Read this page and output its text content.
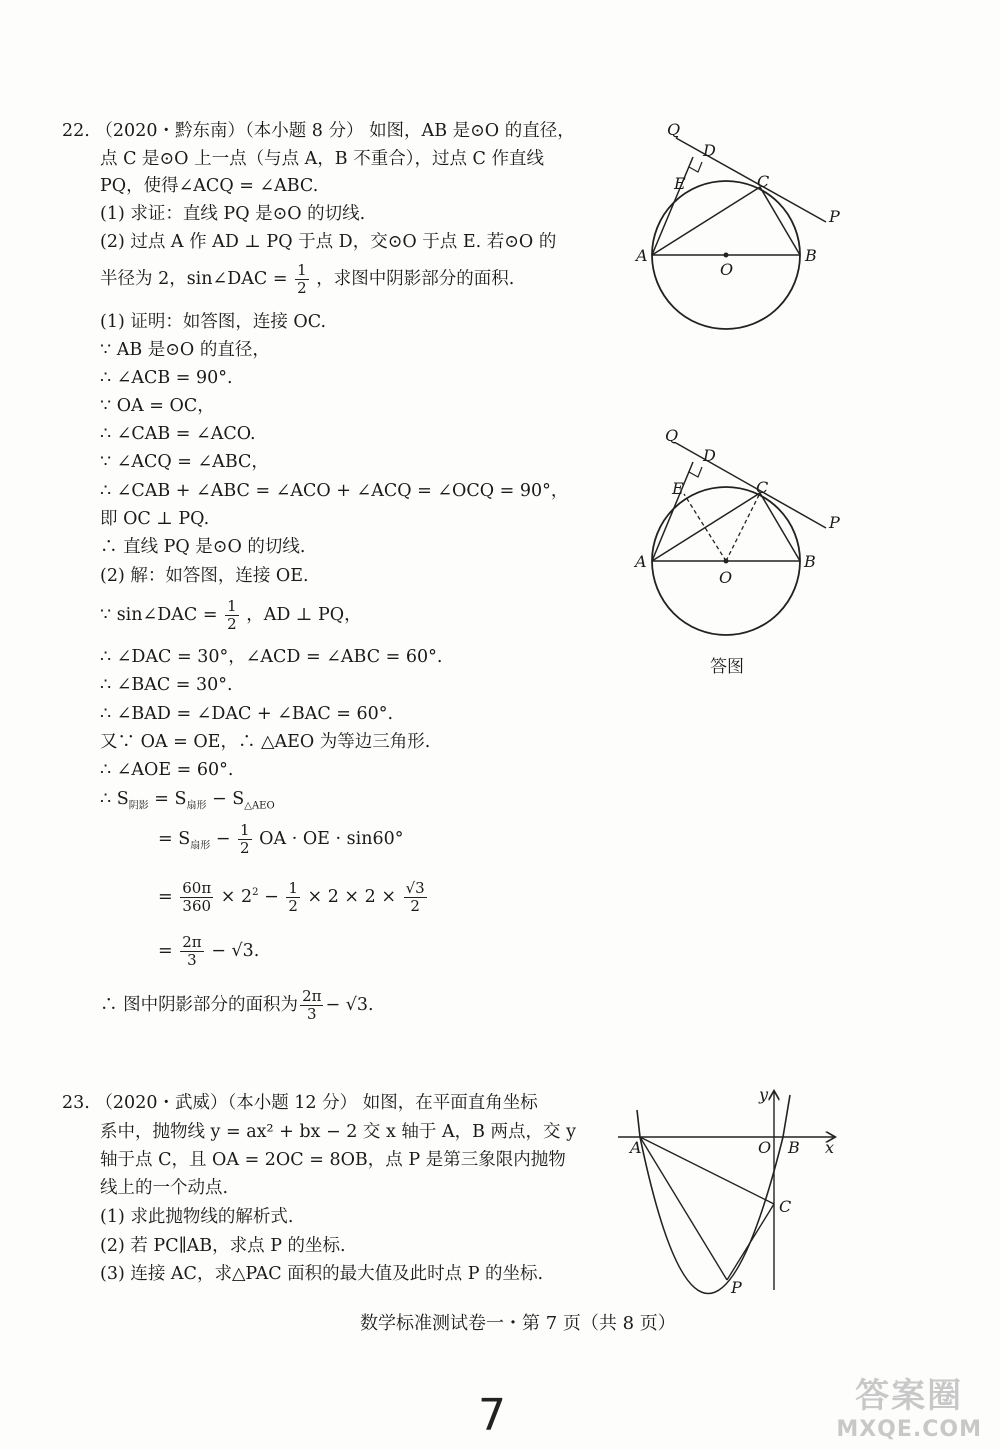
22. （2020・黔东南）（本小题 8 分） 如图，AB 是⊙O 的直径，
点 C 是⊙O 上一点（与点 A，B 不重合），过点 C 作直线
PQ，使得∠ACQ = ∠ABC.
(1) 求证：直线 PQ 是⊙O 的切线.
(2) 过点 A 作 AD ⊥ PQ 于点 D，交⊙O 于点 E. 若⊙O 的
半径为 2，sin∠DAC = $\frac{1}{2}$ ，求图中阴影部分的面积.
(1) 证明：如答图，连接 OC.
∵ AB 是⊙O 的直径，
∴ ∠ACB = 90°.
∵ OA = OC，
∴ ∠CAB = ∠ACO.
∵ ∠ACQ = ∠ABC，
∴ ∠CAB + ∠ABC = ∠ACO + ∠ACQ = ∠OCQ = 90°，
即 OC ⊥ PQ.
∴ 直线 PQ 是⊙O 的切线.
(2) 解：如答图，连接 OE.
∵ sin∠DAC = $\frac{1}{2}$ ，AD ⊥ PQ，
∴ ∠DAC = 30°，∠ACD = ∠ABC = 60°.
∴ ∠BAC = 30°.
∴ ∠BAD = ∠DAC + ∠BAC = 60°.
又∵ OA = OE，∴ △AEO 为等边三角形.
∴ ∠AOE = 60°.
∴ $S_{阴影} = S_{扇形} - S_{\triangle AEO}$
= $S_{扇形} - \frac{1}{2}$ OA · OE · sin60°
= $\frac{60\pi}{360} \times 2^2 - \frac{1}{2} \times 2 \times 2 \times \frac{√3}{2}$
= $\frac{2\pi}{3} - √3$.
∴ 图中阴影部分的面积为 $\frac{2\pi}{3} - √3$.
Q
D
E	C
P
A
O
B
Q
D
E	C
P
A
O
B
答图
23. （2020・武威）（本小题 12 分） 如图，在平面直角坐标
系中，抛物线 y = ax² + bx − 2 交 x 轴于 A，B 两点，交 y
轴于点 C，且 OA = 2OC = 8OB，点 P 是第三象限内抛物
线上的一个动点.
(1) 求此抛物线的解析式.
(2) 若 PC∥AB，求点 P 的坐标.
(3) 连接 AC，求△PAC 面积的最大值及此时点 P 的坐标.
y
x
A	O B
C
P
数学标准测试卷一・第 7 页（共 8 页）
7	答案圈
MXQE.COM
